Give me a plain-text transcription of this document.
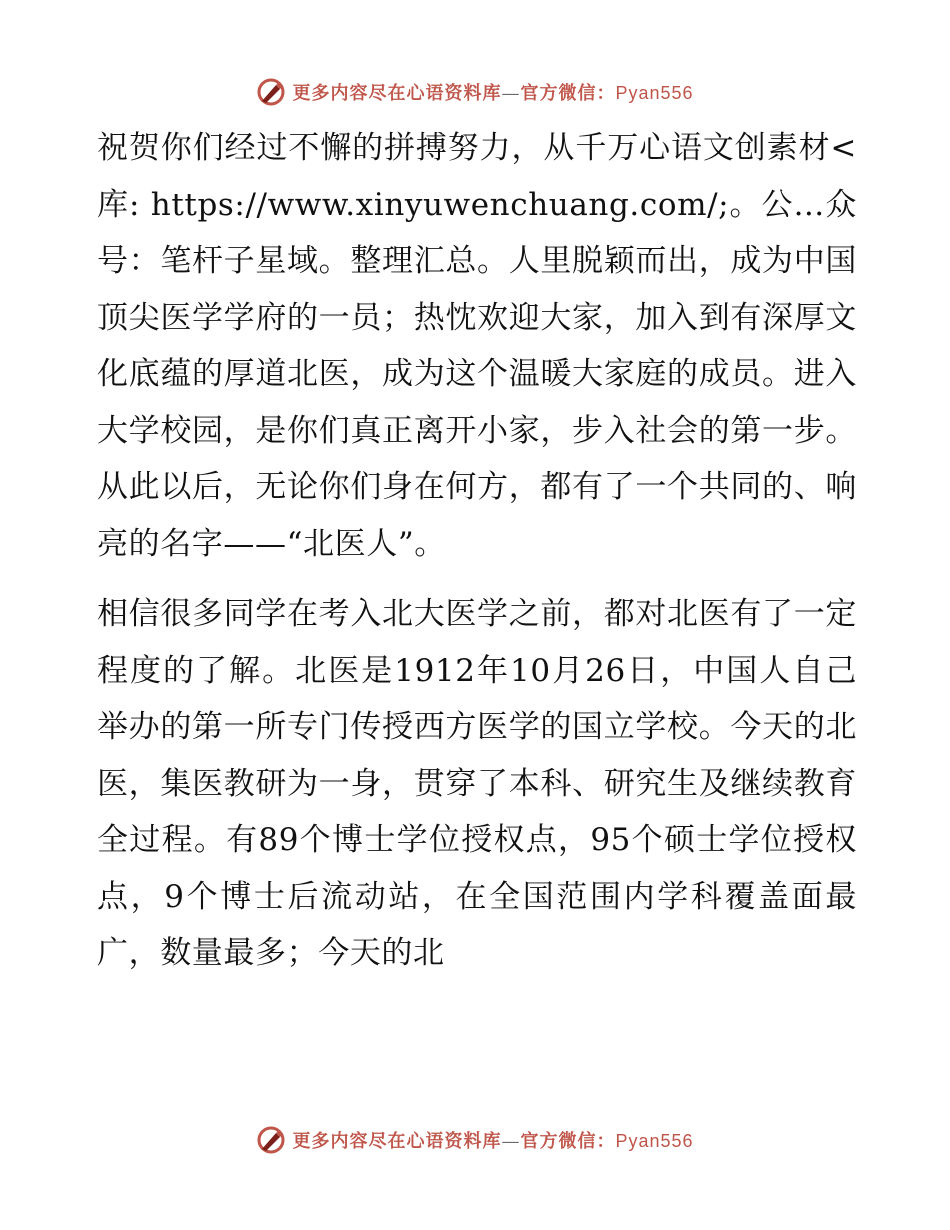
更多内容尽在心语资料库—官方微信：Pyan556

祝贺你们经过不懈的拼搏努力，从千万心语文创素材<库: https://www.xinyuwenchuang.com/;。公…众号：笔杆子星域。整理汇总。人里脱颖而出，成为中国顶尖医学学府的一员；热忱欢迎大家，加入到有深厚文化底蕴的厚道北医，成为这个温暖大家庭的成员。进入大学校园，是你们真正离开小家，步入社会的第一步。从此以后，无论你们身在何方，都有了一个共同的、响亮的名字——“北医人”。

相信很多同学在考入北大医学之前，都对北医有了一定程度的了解。北医是1912年10月26日，中国人自己举办的第一所专门传授西方医学的国立学校。今天的北医，集医教研为一身，贯穿了本科、研究生及继续教育全过程。有89个博士学位授权点，95个硕士学位授权点，9个博士后流动站，在全国范围内学科覆盖面最广，数量最多；今天的北

更多内容尽在心语资料库—官方微信：Pyan556
